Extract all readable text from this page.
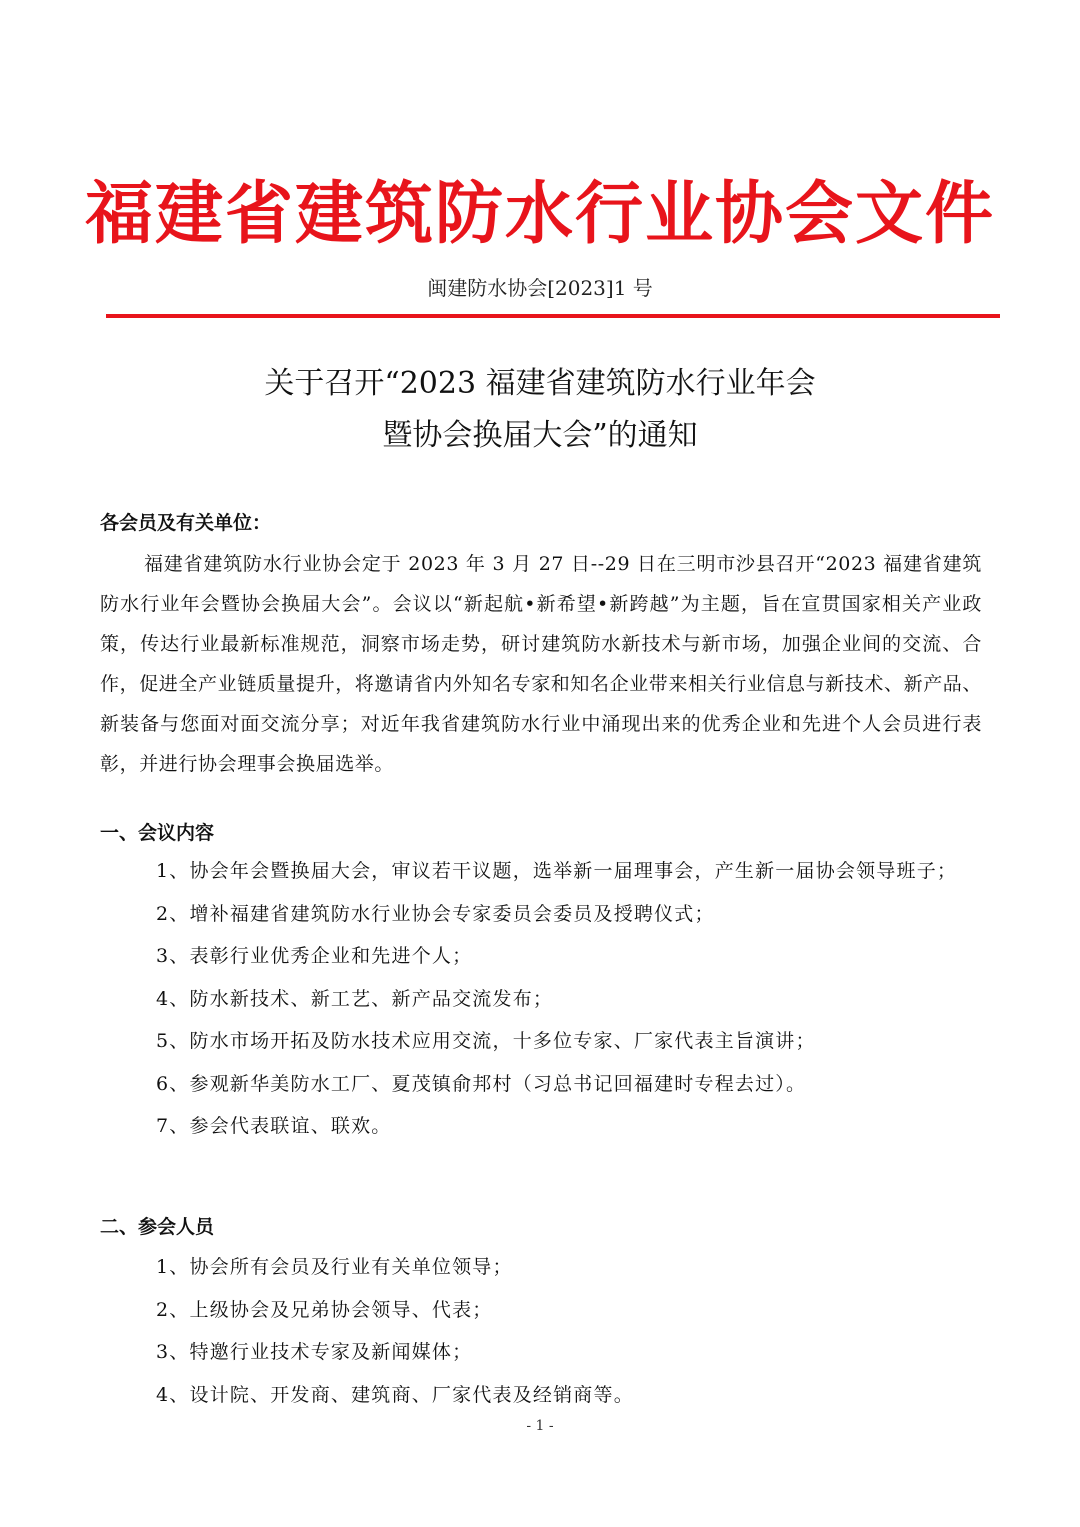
福建省建筑防水行业协会文件
闽建防水协会[2023]1 号
关于召开“2023 福建省建筑防水行业年会
暨协会换届大会”的通知
各会员及有关单位：
福建省建筑防水行业协会定于 2023 年 3 月 27 日--29 日在三明市沙县召开“2023 福建省建筑防水行业年会暨协会换届大会”。会议以“新起航•新希望•新跨越”为主题，旨在宣贯国家相关产业政策，传达行业最新标准规范，洞察市场走势，研讨建筑防水新技术与新市场，加强企业间的交流、合作，促进全产业链质量提升，将邀请省内外知名专家和知名企业带来相关行业信息与新技术、新产品、新装备与您面对面交流分享；对近年我省建筑防水行业中涌现出来的优秀企业和先进个人会员进行表彰，并进行协会理事会换届选举。
一、会议内容
1、协会年会暨换届大会，审议若干议题，选举新一届理事会，产生新一届协会领导班子；
2、增补福建省建筑防水行业协会专家委员会委员及授聘仪式；
3、表彰行业优秀企业和先进个人；
4、防水新技术、新工艺、新产品交流发布；
5、防水市场开拓及防水技术应用交流，十多位专家、厂家代表主旨演讲；
6、参观新华美防水工厂、夏茂镇俞邦村（习总书记回福建时专程去过）。
7、参会代表联谊、联欢。
二、参会人员
1、协会所有会员及行业有关单位领导；
2、上级协会及兄弟协会领导、代表；
3、特邀行业技术专家及新闻媒体；
4、设计院、开发商、建筑商、厂家代表及经销商等。
- 1 -
